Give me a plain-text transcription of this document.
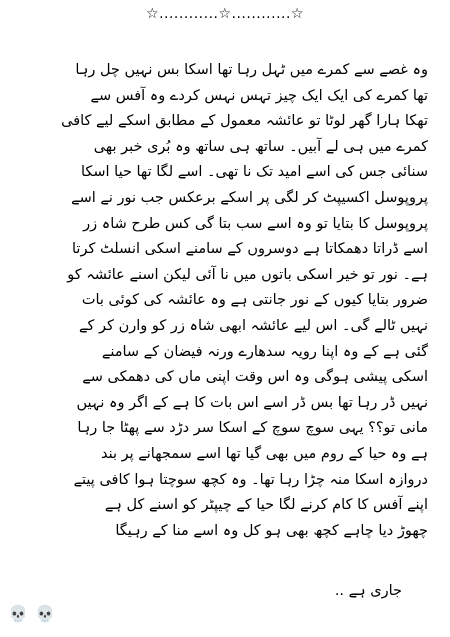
☆............☆............☆
وہ غصے سے کمرے میں ٹہل رہا تھا اسکا بس نہیں چل رہا
تھا کمرے کی ایک ایک چیز تہس نہس کردے وہ آفس سے
تھکا ہارا گھر لوٹا تو عائشہ معمول کے مطابق اسکے لیے کافی
کمرے میں ہی لے آبیں۔ ساتھ ہی ساتھ وہ بُری خبر بھی
سنائی جس کی اسے امید تک نا تھی۔ اسے لگا تھا حیا اسکا
پروپوسل اکسیپٹ کر لگی پر اسکے برعکس جب نور نے اسے
پروپوسل کا بتایا تو وہ اسے سب بتا گی کس طرح شاہ زر
اسے ڈراتا دھمکاتا ہے دوسروں کے سامنے اسکی انسلٹ کرتا
ہے۔ نور تو خیر اسکی باتوں میں نا آئی لیکن اسنے عائشہ کو
ضرور بتایا کیوں کے نور جانتی ہے وہ عائشہ کی کوئی بات
نہیں ٹالے گی۔ اس لیے عائشہ ابھی شاہ زر کو وارن کر کے
گئی ہے کے وہ اپنا رویہ سدھارے ورنہ فیضان کے سامنے
اسکی پیشی ہوگی وہ اس وقت اپنی ماں کی دھمکی سے
نہیں ڈر رہا تھا بس ڈر اسے اس بات کا ہے کے اگر وہ نہیں
مانی تو؟؟ یہی سوچ سوچ کے اسکا سر دڑد سے پھٹا جا رہا
ہے وہ حیا کے روم میں بھی گیا تھا اسے سمجھانے پر بند
دروازہ اسکا منہ چڑا رہا تھا۔ وہ کچھ سوچتا ہوا کافی پیتے
اپنے آفس کا کام کرنے لگا حیا کے چیپٹر کو اسنے کل ہے
چھوڑ دیا چاہے کچھ بھی ہو کل وہ اسے منا کے رہیگا
جاری ہے ..
💀 💀
